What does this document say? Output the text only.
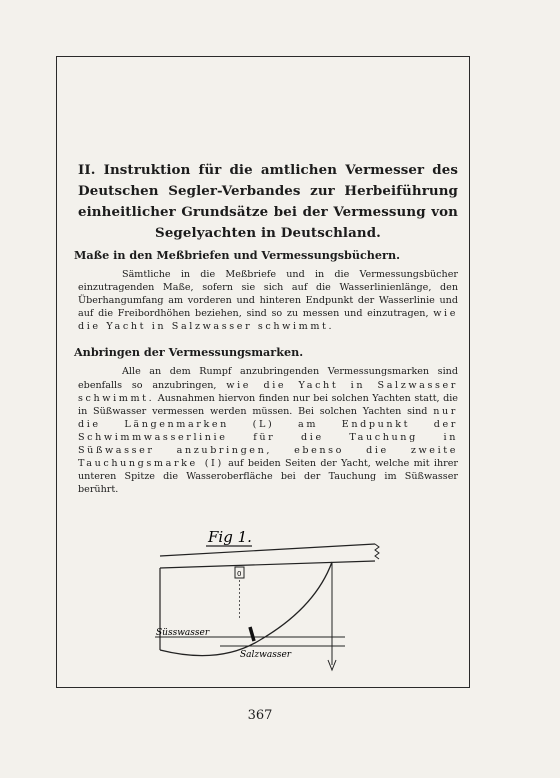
II. Instruktion für die amtlichen Vermesser des Deutschen Segler-Verbandes zur Herbeiführung einheitlicher Grundsätze bei der Vermessung von Segelyachten in Deutschland.
Maße in den Meßbriefen und Vermessungsbüchern.

Sämtliche in die Meßbriefe und in die Vermessungsbücher einzutragenden Maße, sofern sie sich auf die Wasserlinienlänge, den Überhangumfang am vorderen und hinteren Endpunkt der Wasserlinie und auf die Freibordhöhen beziehen, sind so zu messen und einzutragen, wie die Yacht in Salzwasser schwimmt.

Anbringen der Vermessungsmarken.

Alle an dem Rumpf anzubringenden Vermessungsmarken sind ebenfalls so anzubringen, wie die Yacht in Salzwasser schwimmt. Ausnahmen hiervon finden nur bei solchen Yachten statt, die in Süßwasser vermessen werden müssen. Bei solchen Yachten sind nur die Längenmarken (L) am Endpunkt der Schwimmwasserlinie für die Tauchung in Süßwasser anzubringen, ebenso die zweite Tauchungsmarke (I) auf beiden Seiten der Yacht, welche mit ihrer unteren Spitze die Wasseroberfläche bei der Tauchung im Süßwasser berührt.

Fig 1.
0
Süsswasser
Salzwasser
367
